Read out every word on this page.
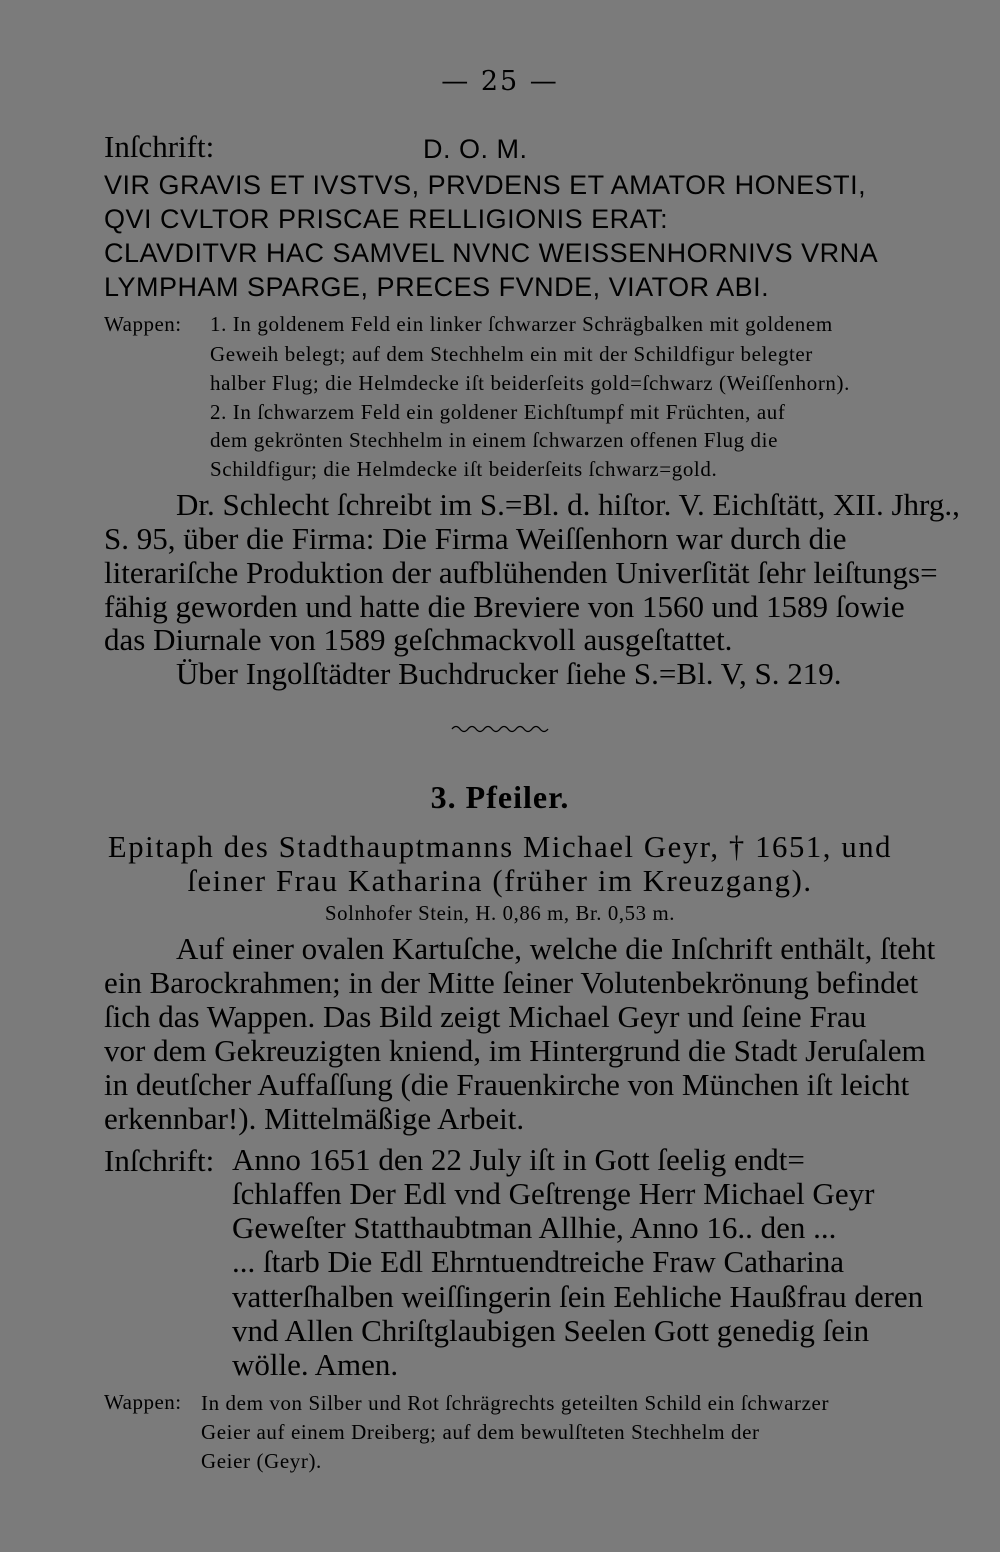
— 25 —
Inſchrift:	D. O. M.
VIR GRAVIS ET IVSTVS, PRVDENS ET AMATOR HONESTI,
QVI CVLTOR PRISCAE RELLIGIONIS ERAT:
CLAVDITVR HAC SAMVEL NVNC WEISSENHORNIVS VRNA
LYMPHAM SPARGE, PRECES FVNDE, VIATOR ABI.
Wappen: 1. In goldenem Feld ein linker ſchwarzer Schrägbalken mit goldenem
Geweih belegt; auf dem Stechhelm ein mit der Schildfigur belegter
halber Flug; die Helmdecke iſt beiderſeits gold=ſchwarz (Weiſſenhorn).
2. In ſchwarzem Feld ein goldener Eichſtumpf mit Früchten, auf
dem gekrönten Stechhelm in einem ſchwarzen offenen Flug die
Schildfigur; die Helmdecke iſt beiderſeits ſchwarz=gold.
Dr. Schlecht ſchreibt im S.=Bl. d. hiſtor. V. Eichſtätt, XII. Jhrg.,
S. 95, über die Firma: Die Firma Weiſſenhorn war durch die
literariſche Produktion der aufblühenden Univerſität ſehr leiſtungs=
fähig geworden und hatte die Breviere von 1560 und 1589 ſowie
das Diurnale von 1589 geſchmackvoll ausgeſtattet.
Über Ingolſtädter Buchdrucker ſiehe S.=Bl. V, S. 219.
3. Pfeiler.
Epitaph des Stadthauptmanns Michael Geyr, † 1651, und
ſeiner Frau Katharina (früher im Kreuzgang).
Solnhofer Stein, H. 0,86 m, Br. 0,53 m.
Auf einer ovalen Kartuſche, welche die Inſchrift enthält, ſteht
ein Barockrahmen; in der Mitte ſeiner Volutenbekrönung befindet
ſich das Wappen. Das Bild zeigt Michael Geyr und ſeine Frau
vor dem Gekreuzigten kniend, im Hintergrund die Stadt Jeruſalem
in deutſcher Auffaſſung (die Frauenkirche von München iſt leicht
erkennbar!). Mittelmäßige Arbeit.
Inſchrift: Anno 1651 den 22 July iſt in Gott ſeelig endt=
ſchlaffen Der Edl vnd Geſtrenge Herr Michael Geyr
Geweſter Statthaubtman Allhie, Anno 16.. den ...
... ſtarb Die Edl Ehrntuendtreiche Fraw Catharina
vatterſhalben weiſſingerin ſein Eehliche Haußfrau deren
vnd Allen Chriſtglaubigen Seelen Gott genedig ſein
wölle. Amen.
Wappen: In dem von Silber und Rot ſchrägrechts geteilten Schild ein ſchwarzer
Geier auf einem Dreiberg; auf dem bewulſteten Stechhelm der
Geier (Geyr).
